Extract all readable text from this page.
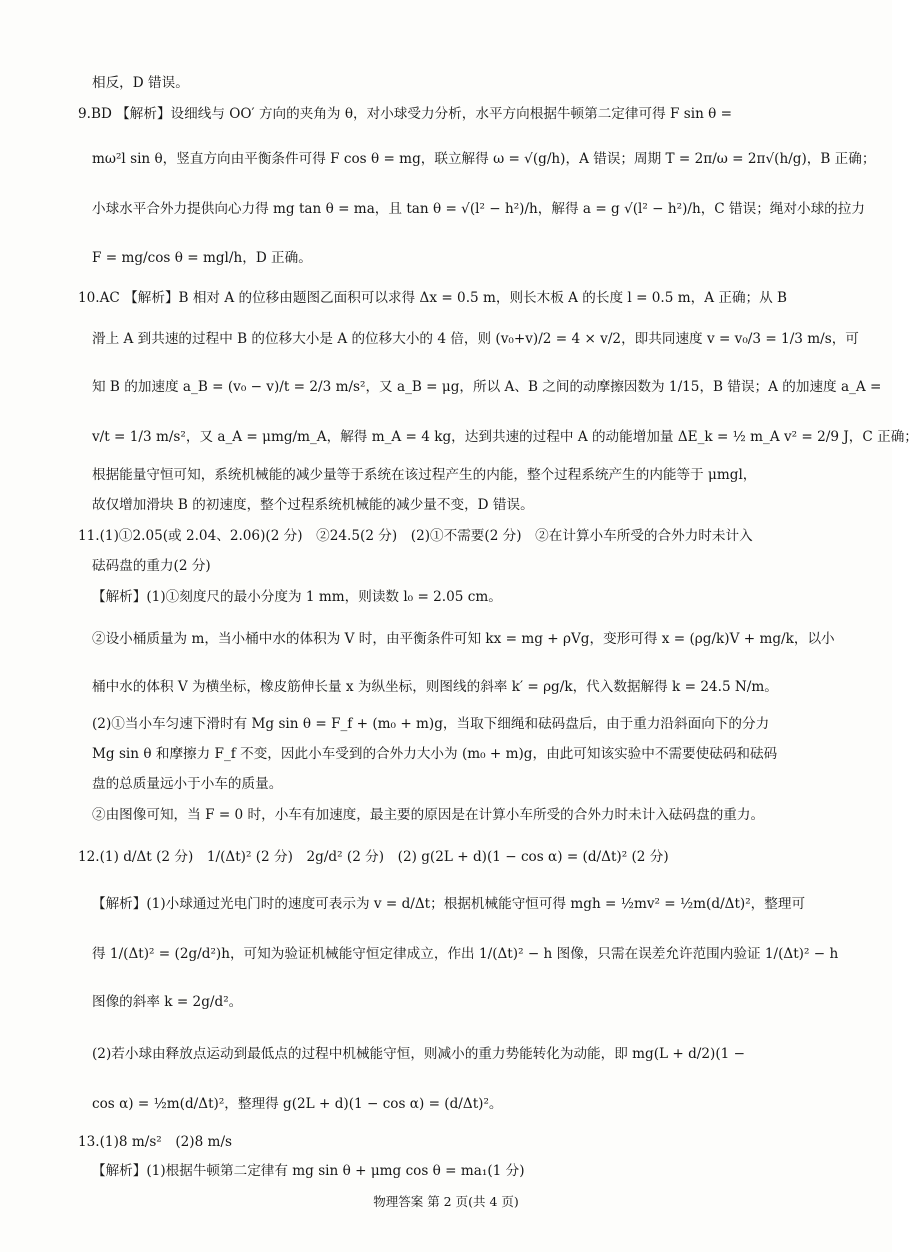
相反，D 错误。
9.BD 【解析】设细线与 OO′ 方向的夹角为 θ，对小球受力分析，水平方向根据牛顿第二定律可得 F sin θ =
mω²l sin θ，竖直方向由平衡条件可得 F cos θ = mg，联立解得 ω = √(g/h)，A 错误；周期 T = 2π/ω = 2π√(h/g)，B 正确；
小球水平合外力提供向心力得 mg tan θ = ma，且 tan θ = √(l² − h²)/h，解得 a = g √(l² − h²)/h，C 错误；绳对小球的拉力
F = mg/cos θ = mgl/h，D 正确。
10.AC 【解析】B 相对 A 的位移由题图乙面积可以求得 Δx = 0.5 m，则长木板 A 的长度 l = 0.5 m，A 正确；从 B
滑上 A 到共速的过程中 B 的位移大小是 A 的位移大小的 4 倍，则 (v₀+v)/2 = 4 × v/2，即共同速度 v = v₀/3 = 1/3 m/s，可
知 B 的加速度 a_B = (v₀ − v)/t = 2/3 m/s²，又 a_B = μg，所以 A、B 之间的动摩擦因数为 1/15，B 错误；A 的加速度 a_A =
v/t = 1/3 m/s²，又 a_A = μmg/m_A，解得 m_A = 4 kg，达到共速的过程中 A 的动能增加量 ΔE_k = ½ m_A v² = 2/9 J，C 正确；
根据能量守恒可知，系统机械能的减少量等于系统在该过程产生的内能，整个过程系统产生的内能等于 μmgl，
故仅增加滑块 B 的初速度，整个过程系统机械能的减少量不变，D 错误。
11.(1)①2.05(或 2.04、2.06)(2 分)　②24.5(2 分)　(2)①不需要(2 分)　②在计算小车所受的合外力时未计入
砝码盘的重力(2 分)
【解析】(1)①刻度尺的最小分度为 1 mm，则读数 l₀ = 2.05 cm。
②设小桶质量为 m，当小桶中水的体积为 V 时，由平衡条件可知 kx = mg + ρVg，变形可得 x = (ρg/k)V + mg/k，以小
桶中水的体积 V 为横坐标，橡皮筋伸长量 x 为纵坐标，则图线的斜率 k′ = ρg/k，代入数据解得 k = 24.5 N/m。
(2)①当小车匀速下滑时有 Mg sin θ = F_f + (m₀ + m)g，当取下细绳和砝码盘后，由于重力沿斜面向下的分力
Mg sin θ 和摩擦力 F_f 不变，因此小车受到的合外力大小为 (m₀ + m)g，由此可知该实验中不需要使砝码和砝码
盘的总质量远小于小车的质量。
②由图像可知，当 F = 0 时，小车有加速度，最主要的原因是在计算小车所受的合外力时未计入砝码盘的重力。
12.(1) d/Δt (2 分)　1/(Δt)² (2 分)　2g/d² (2 分)　(2) g(2L + d)(1 − cos α) = (d/Δt)² (2 分)
【解析】(1)小球通过光电门时的速度可表示为 v = d/Δt；根据机械能守恒可得 mgh = ½mv² = ½m(d/Δt)²，整理可
得 1/(Δt)² = (2g/d²)h，可知为验证机械能守恒定律成立，作出 1/(Δt)² − h 图像，只需在误差允许范围内验证 1/(Δt)² − h
图像的斜率 k = 2g/d²。
(2)若小球由释放点运动到最低点的过程中机械能守恒，则减小的重力势能转化为动能，即 mg(L + d/2)(1 −
cos α) = ½m(d/Δt)²，整理得 g(2L + d)(1 − cos α) = (d/Δt)²。
13.(1)8 m/s²　(2)8 m/s
【解析】(1)根据牛顿第二定律有 mg sin θ + μmg cos θ = ma₁(1 分)
物理答案 第 2 页(共 4 页)
